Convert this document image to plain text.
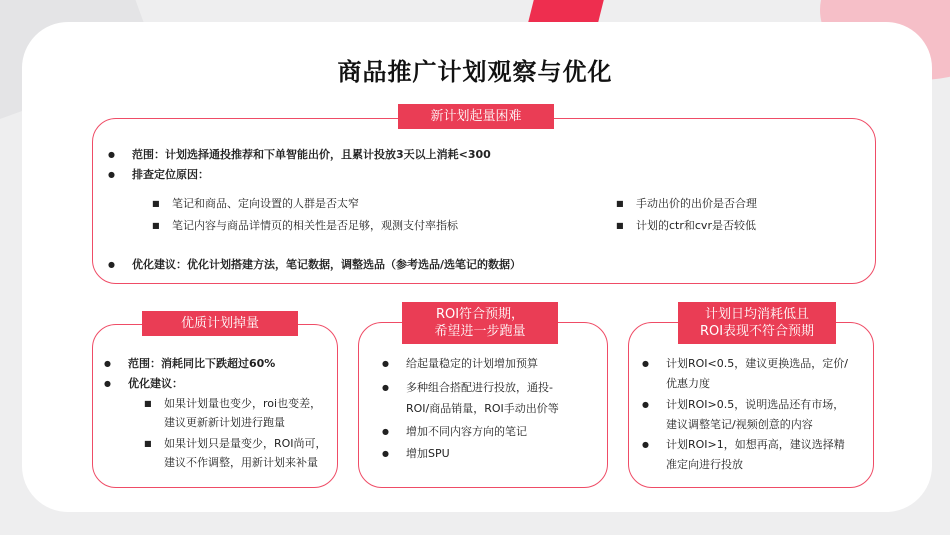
商品推广计划观察与优化
新计划起量困难
● 范围：计划选择通投推荐和下单智能出价，且累计投放3天以上消耗<300
● 排查定位原因：
■ 笔记和商品、定向设置的人群是否太窄
■ 笔记内容与商品详情页的相关性是否足够，观测支付率指标
■ 手动出价的出价是否合理
■ 计划的ctr和cvr是否较低
● 优化建议：优化计划搭建方法，笔记数据，调整选品（参考选品/选笔记的数据）
优质计划掉量
● 范围：消耗同比下跌超过60%
● 优化建议：
■ 如果计划量也变少，roi也变差，
建议更新新计划进行跑量
■ 如果计划只是量变少，ROI尚可，
建议不作调整，用新计划来补量
ROI符合预期，
希望进一步跑量
● 给起量稳定的计划增加预算
● 多种组合搭配进行投放，通投-
ROI/商品销量，ROI手动出价等
● 增加不同内容方向的笔记
● 增加SPU
计划日均消耗低且
ROI表现不符合预期
● 计划ROI<0.5，建议更换选品，定价/
优惠力度
● 计划ROI>0.5，说明选品还有市场，
建议调整笔记/视频创意的内容
● 计划ROI>1，如想再高，建议选择精
准定向进行投放
